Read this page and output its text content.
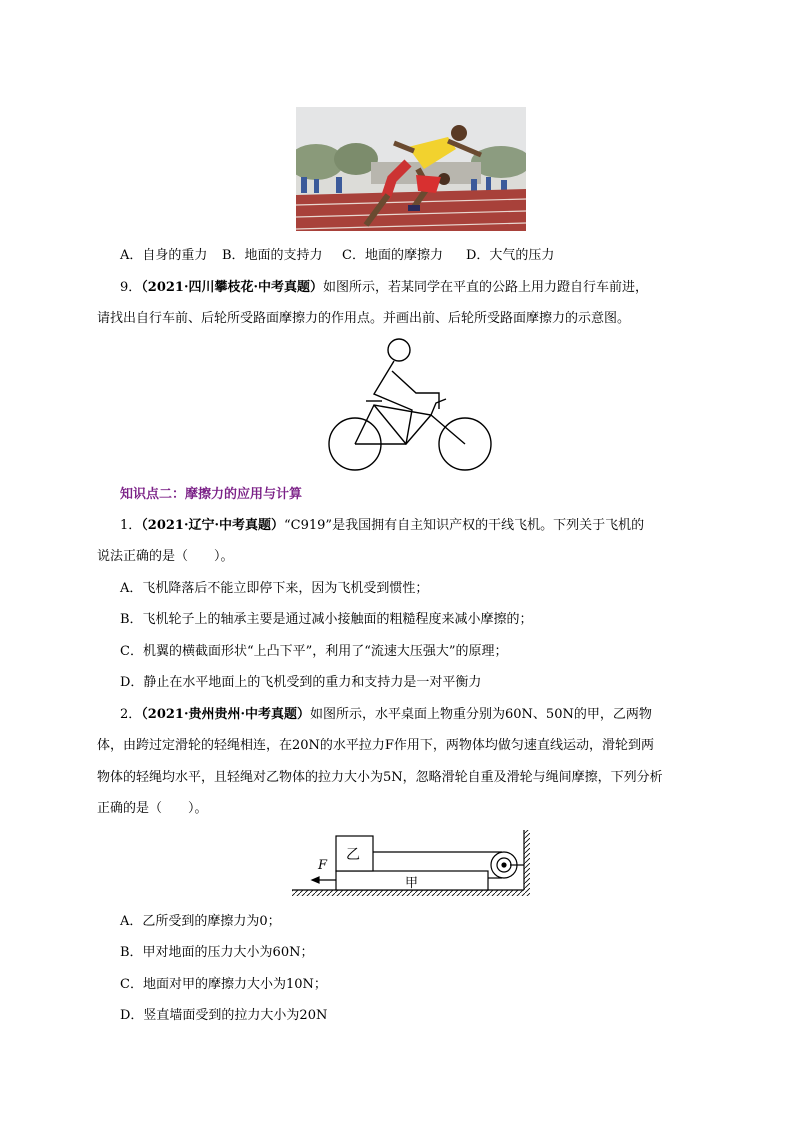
A．自身的重力 B．地面的支持力 C．地面的摩擦力 D．大气的压力
9．（2021·四川攀枝花·中考真题）如图所示，若某同学在平直的公路上用力蹬自行车前进，
请找出自行车前、后轮所受路面摩擦力的作用点。并画出前、后轮所受路面摩擦力的示意图。
知识点二：摩擦力的应用与计算
1．（2021·辽宁·中考真题）“C919”是我国拥有自主知识产权的干线飞机。下列关于飞机的
说法正确的是（　　）。
A．飞机降落后不能立即停下来，因为飞机受到惯性；
B．飞机轮子上的轴承主要是通过减小接触面的粗糙程度来减小摩擦的；
C．机翼的横截面形状“上凸下平”，利用了“流速大压强大”的原理；
D．静止在水平地面上的飞机受到的重力和支持力是一对平衡力
2．（2021·贵州贵州·中考真题）如图所示，水平桌面上物重分别为60N、50N的甲，乙两物
体，由跨过定滑轮的轻绳相连，在20N的水平拉力F作用下，两物体均做匀速直线运动，滑轮到两
物体的轻绳均水平，且轻绳对乙物体的拉力大小为5N，忽略滑轮自重及滑轮与绳间摩擦，下列分析
正确的是（　　）。
乙
甲
F
A．乙所受到的摩擦力为0；
B．甲对地面的压力大小为60N；
C．地面对甲的摩擦力大小为10N；
D．竖直墙面受到的拉力大小为20N
